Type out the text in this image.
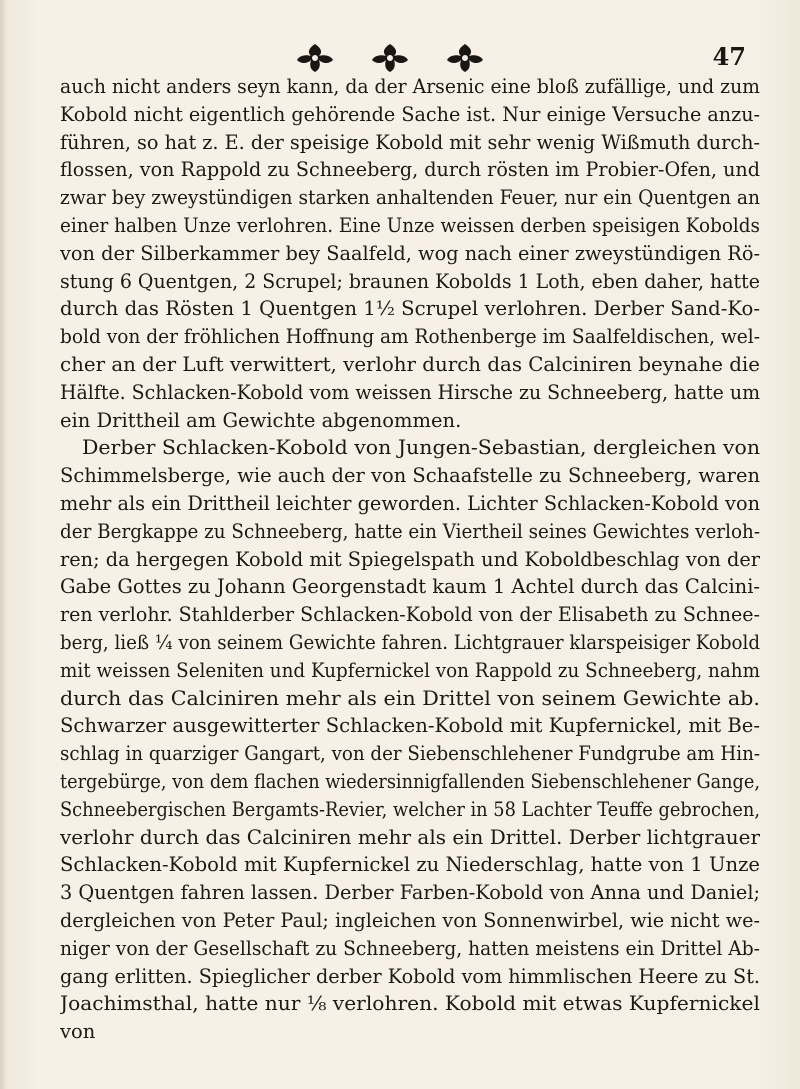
47
auch nicht anders seyn kann, da der Arsenic eine bloß zufällige, und zum
Kobold nicht eigentlich gehörende Sache ist. Nur einige Versuche anzu-
führen, so hat z. E. der speisige Kobold mit sehr wenig Wißmuth durch-
flossen, von Rappold zu Schneeberg, durch rösten im Probier-Ofen, und
zwar bey zweystündigen starken anhaltenden Feuer, nur ein Quentgen an
einer halben Unze verlohren. Eine Unze weissen derben speisigen Kobolds
von der Silberkammer bey Saalfeld, wog nach einer zweystündigen Rö-
stung 6 Quentgen, 2 Scrupel; braunen Kobolds 1 Loth, eben daher, hatte
durch das Rösten 1 Quentgen 1½ Scrupel verlohren. Derber Sand-Ko-
bold von der fröhlichen Hoffnung am Rothenberge im Saalfeldischen, wel-
cher an der Luft verwittert, verlohr durch das Calciniren beynahe die
Hälfte. Schlacken-Kobold vom weissen Hirsche zu Schneeberg, hatte um
ein Drittheil am Gewichte abgenommen.
Derber Schlacken-Kobold von Jungen-Sebastian, dergleichen von
Schimmelsberge, wie auch der von Schaafstelle zu Schneeberg, waren
mehr als ein Drittheil leichter geworden. Lichter Schlacken-Kobold von
der Bergkappe zu Schneeberg, hatte ein Viertheil seines Gewichtes verloh-
ren; da hergegen Kobold mit Spiegelspath und Koboldbeschlag von der
Gabe Gottes zu Johann Georgenstadt kaum 1 Achtel durch das Calcini-
ren verlohr. Stahlderber Schlacken-Kobold von der Elisabeth zu Schnee-
berg, ließ ¼ von seinem Gewichte fahren. Lichtgrauer klarspeisiger Kobold
mit weissen Seleniten und Kupfernickel von Rappold zu Schneeberg, nahm
durch das Calciniren mehr als ein Drittel von seinem Gewichte ab.
Schwarzer ausgewitterter Schlacken-Kobold mit Kupfernickel, mit Be-
schlag in quarziger Gangart, von der Siebenschlehener Fundgrube am Hin-
tergebürge, von dem flachen wiedersinnigfallenden Siebenschlehener Gange,
Schneebergischen Bergamts-Revier, welcher in 58 Lachter Teuffe gebrochen,
verlohr durch das Calciniren mehr als ein Drittel. Derber lichtgrauer
Schlacken-Kobold mit Kupfernickel zu Niederschlag, hatte von 1 Unze
3 Quentgen fahren lassen. Derber Farben-Kobold von Anna und Daniel;
dergleichen von Peter Paul; ingleichen von Sonnenwirbel, wie nicht we-
niger von der Gesellschaft zu Schneeberg, hatten meistens ein Drittel Ab-
gang erlitten. Spieglicher derber Kobold vom himmlischen Heere zu St.
Joachimsthal, hatte nur ⅛ verlohren. Kobold mit etwas Kupfernickel
von
